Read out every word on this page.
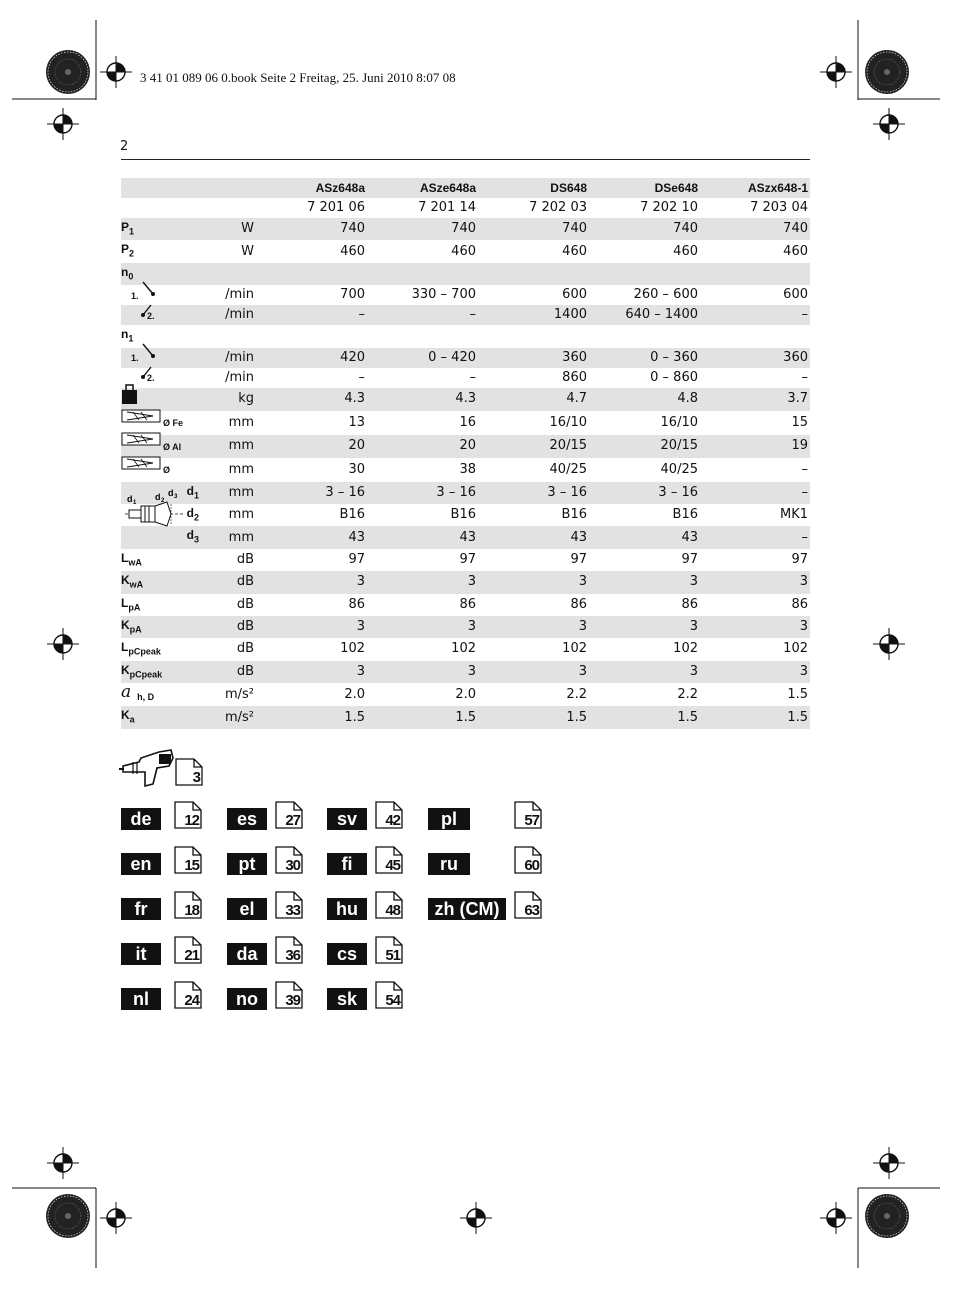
3 41 01 089 06 0.book Seite 2 Freitag, 25. Juni 2010 8:07 08
2
		ASz648a	ASze648a	DS648	DSe648	ASzx648-1
		7 201 06	7 201 14	7 202 03	7 202 10	7 203 04
$P_1$	W	740	740	740	740	740
$P_2$	W	460	460	460	460	460
$n_0$						
1.	/min	700	330 – 700	600	260 – 600	600
2.	/min	–	–	1400	640 – 1400	–
$n_1$						
1.	/min	420	0 – 420	360	0 – 360	360
2.	/min	–	–	860	0 – 860	–
	kg	4.3	4.3	4.7	4.8	3.7
Ø Fe	mm	13	16	16/10	16/10	15
Ø Al	mm	20	20	20/15	20/15	19
Ø	mm	30	38	40/25	40/25	–
$d_1$	mm	3 – 16	3 – 16	3 – 16	3 – 16	–
$d_2$	mm	B16	B16	B16	B16	MK1
$d_3$	mm	43	43	43	43	–
$L_{wA}$	dB	97	97	97	97	97
$K_{wA}$	dB	3	3	3	3	3
$L_{pA}$	dB	86	86	86	86	86
$K_{pA}$	dB	3	3	3	3	3
$L_{pCpeak}$	dB	102	102	102	102	102
$K_{pCpeak}$	dB	3	3	3	3	3
a $_{h, D}$	m/s²	2.0	2.0	2.2	2.2	1.5
$K_a$	m/s²	1.5	1.5	1.5	1.5	1.5
d 1
d 2
d 3
3
de	12
en	15
fr	18
it	21
nl	24
es	27
pt	30
el	33
da	36
no	39
sv	42
fi	45
hu	48
cs	51
sk	54
pl	57
ru	60
zh (CM)	63
